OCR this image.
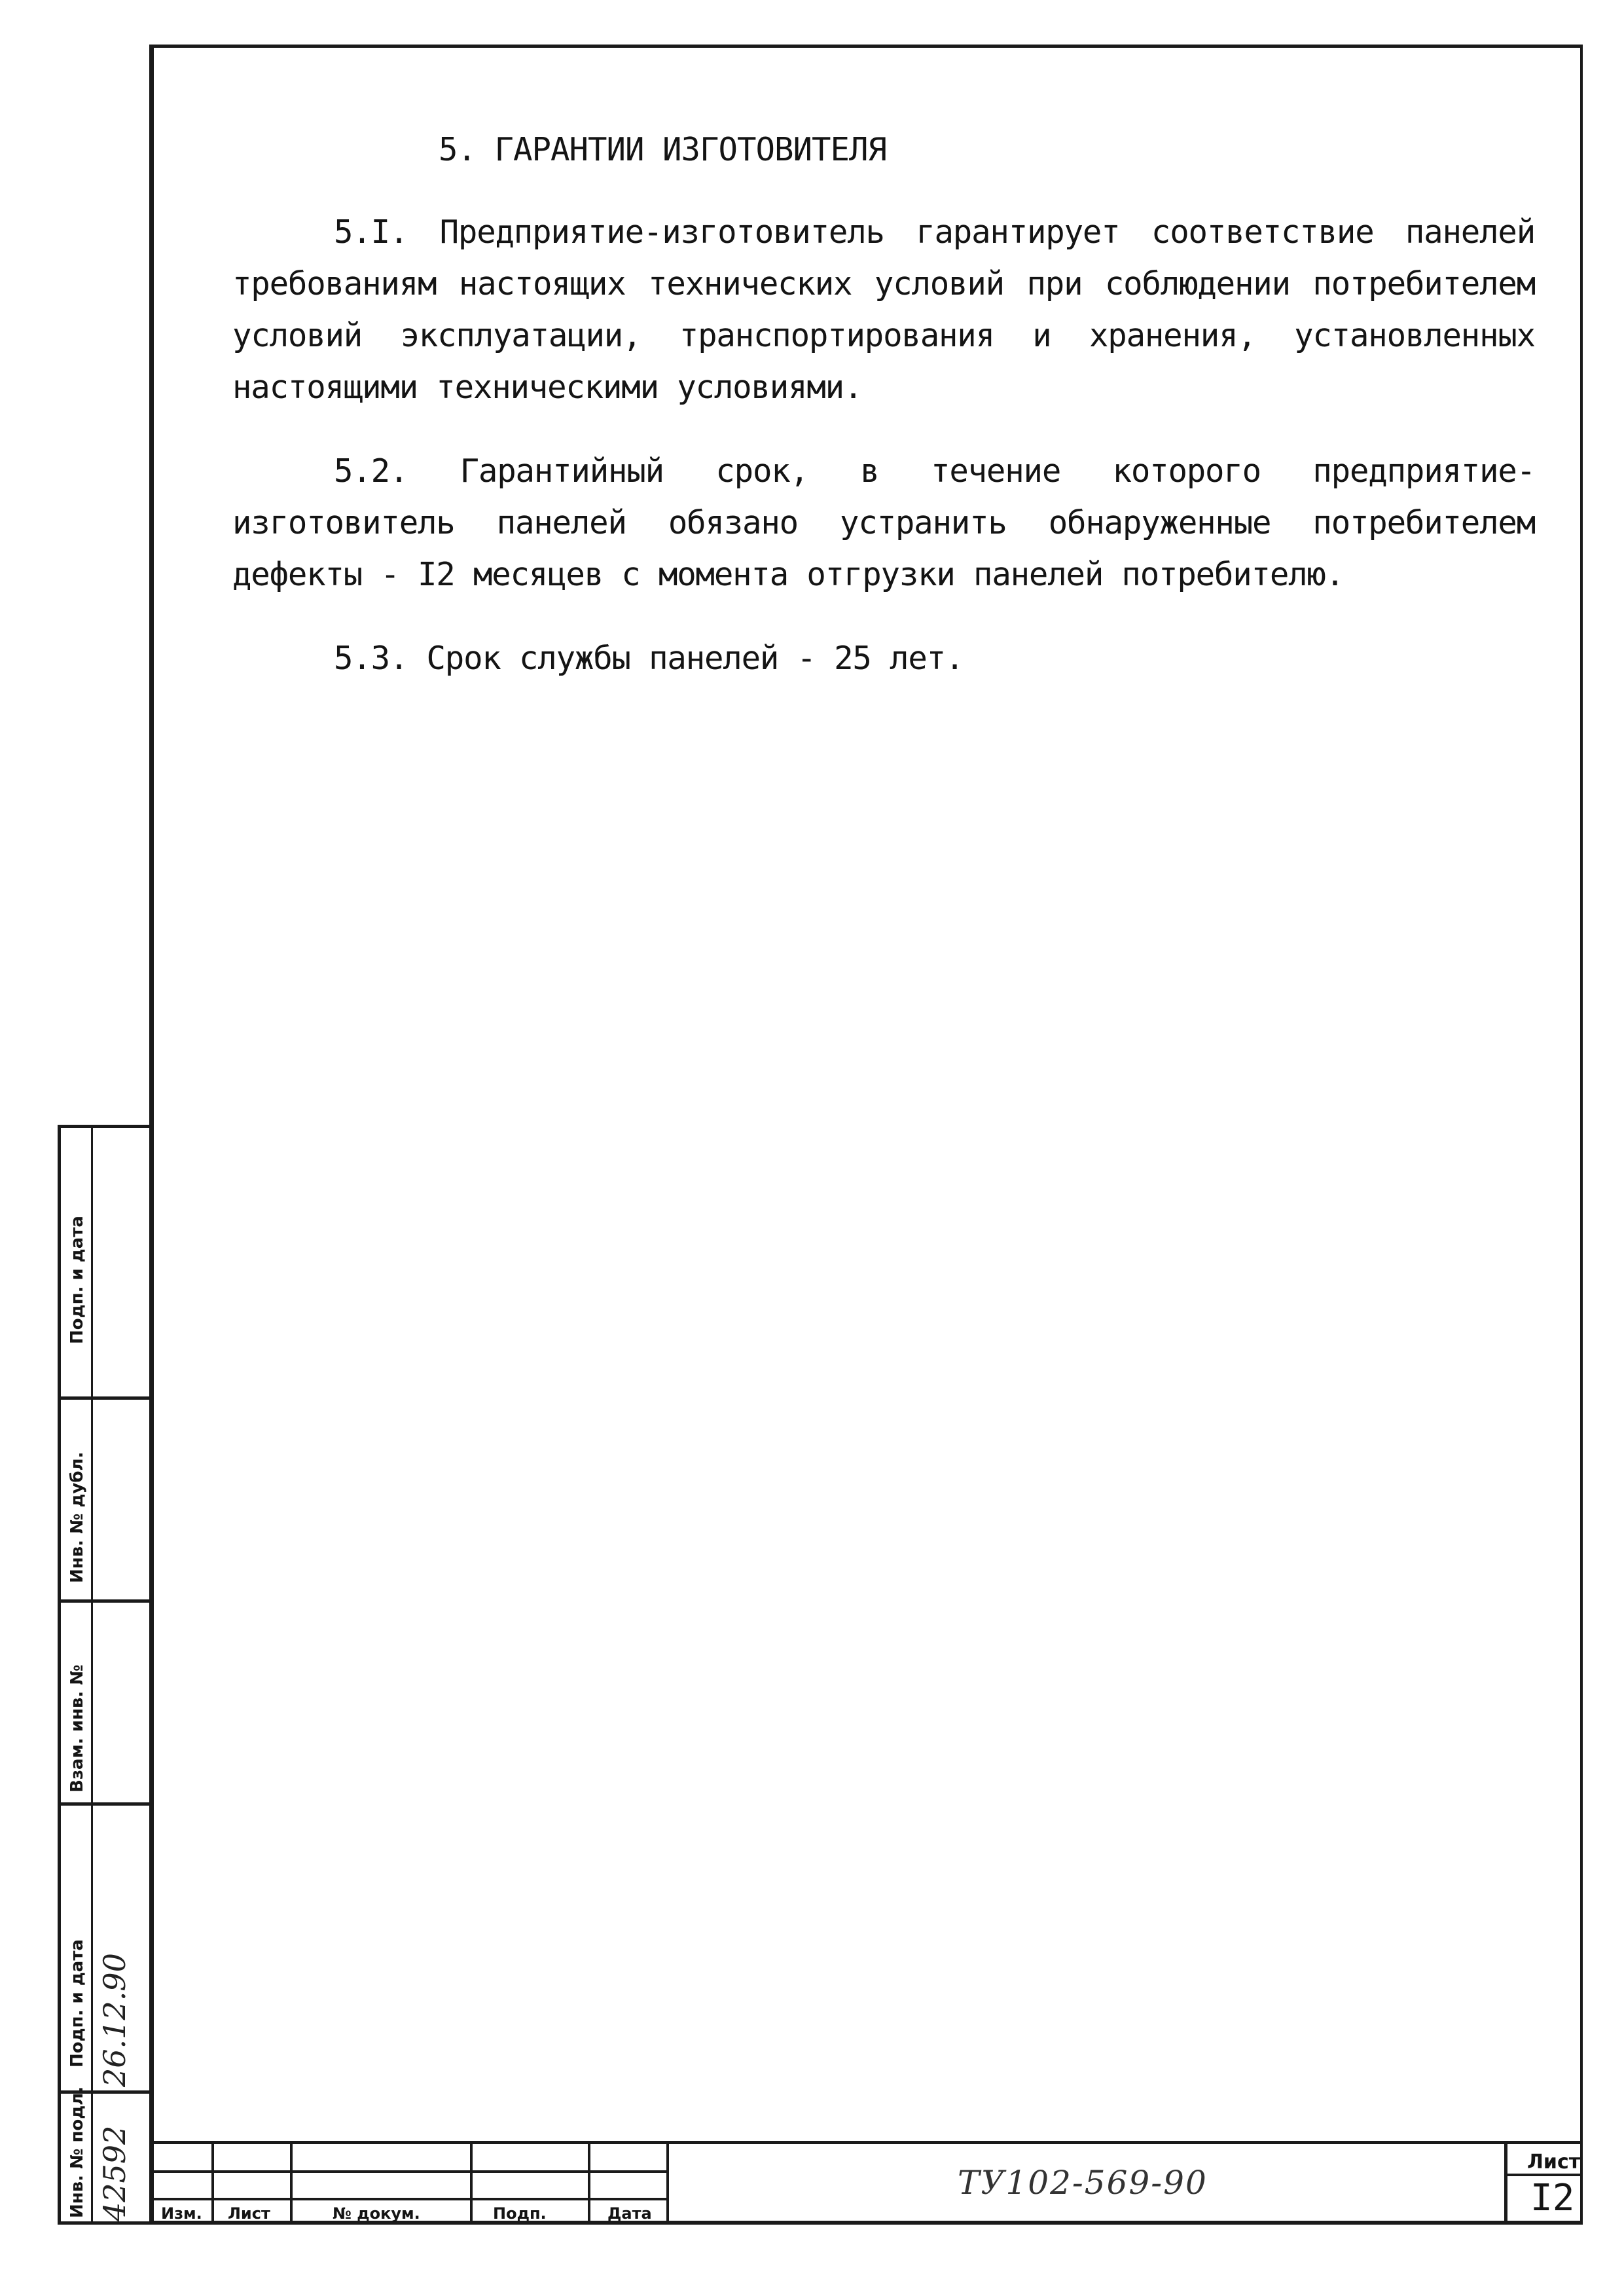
5. ГАРАНТИИ ИЗГОТОВИТЕЛЯ

5.I. Предприятие-изготовитель гарантирует соответствие панелей требованиям настоящих технических условий при соблюдении потребителем условий эксплуатации, транспортирования и хранения, установленных настоящими техническими условиями.

5.2. Гарантийный срок, в течение которого предприятие-изготовитель панелей обязано устранить обнаруженные потребителем дефекты - I2 месяцев с момента отгрузки панелей потребителю.

5.3. Срок службы панелей - 25 лет.

Подп. и дата
Инв. № дубл.
Взам. инв. №
Подп. и дата 26.12.90
Инв. № подл. 42592 Изм. Лист	№ докум.	Подп.	Дата
ТУ102-569-90
Лист
I2
